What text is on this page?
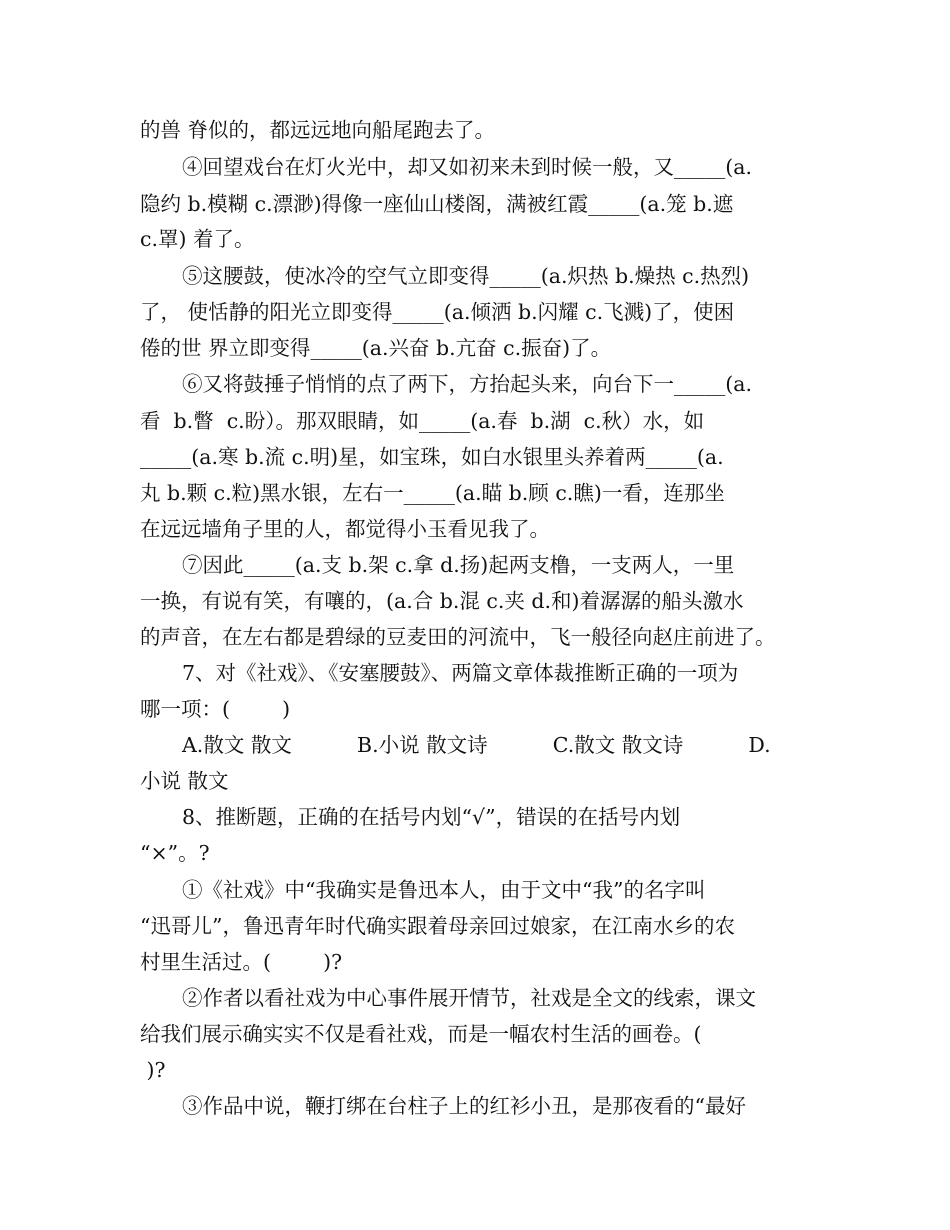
的兽 脊似的，都远远地向船尾跑去了。
④回望戏台在灯火光中，却又如初来未到时候一般，又_____(a.
隐约 b.模糊 c.漂渺)得像一座仙山楼阁，满被红霞_____(a.笼 b.遮
c.罩) 着了。
⑤这腰鼓，使冰冷的空气立即变得_____(a.炽热 b.燥热 c.热烈)
了， 使恬静的阳光立即变得_____(a.倾洒 b.闪耀 c.飞溅)了，使困
倦的世 界立即变得_____(a.兴奋 b.亢奋 c.振奋)了。
⑥又将鼓捶子悄悄的点了两下，方抬起头来，向台下一_____(a.
看  b.瞥  c.盼）。那双眼睛，如_____(a.春  b.湖  c.秋）水，如
_____(a.寒 b.流 c.明)星，如宝珠，如白水银里头养着两_____(a.
丸 b.颗 c.粒)黑水银，左右一_____(a.瞄 b.顾 c.瞧)一看，连那坐
在远远墙角子里的人，都觉得小玉看见我了。
⑦因此_____(a.支 b.架 c.拿 d.扬)起两支橹，一支两人，一里
一换，有说有笑，有嚷的，(a.合 b.混 c.夹 d.和)着潺潺的船头激水
的声音，在左右都是碧绿的豆麦田的河流中，飞一般径向赵庄前进了。
7、对《社戏》、《安塞腰鼓》、两篇文章体裁推断正确的一项为
哪一项：(        )
A.散文 散文          B.小说 散文诗          C.散文 散文诗          D.
小说 散文
8、推断题，正确的在括号内划“√”，错误的在括号内划
“×”。?
①《社戏》中“我确实是鲁迅本人，由于文中“我”的名字叫
“迅哥儿”，鲁迅青年时代确实跟着母亲回过娘家，在江南水乡的农
村里生活过。(        )?
②作者以看社戏为中心事件展开情节，社戏是全文的线索，课文
给我们展示确实实不仅是看社戏，而是一幅农村生活的画卷。(
)?
③作品中说，鞭打绑在台柱子上的红衫小丑，是那夜看的“最好
